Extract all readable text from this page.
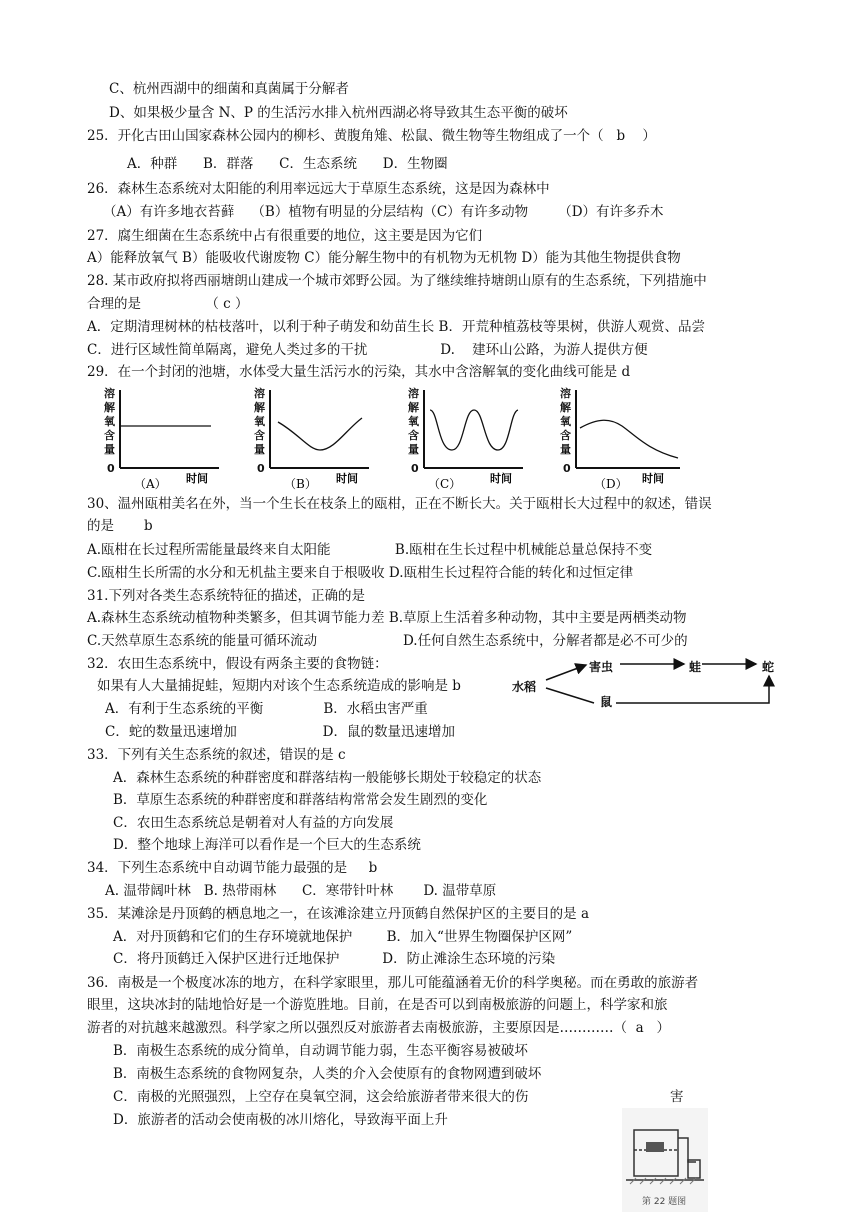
C、杭州西湖中的细菌和真菌属于分解者
D、如果极少量含 N、P 的生活污水排入杭州西湖必将导致其生态平衡的破坏
25．开化古田山国家森林公园内的柳杉、黄腹角雉、松鼠、微生物等生物组成了一个（   b    ）
A．种群      B．群落      C．生态系统      D．生物圈
26．森林生态系统对太阳能的利用率远远大于草原生态系统，这是因为森林中
（A）有许多地衣苔藓    （B）植物有明显的分层结构（C）有许多动物       （D）有许多乔木
27．腐生细菌在生态系统中占有很重要的地位，这主要是因为它们
A）能释放氧气 B）能吸收代谢废物 C）能分解生物中的有机物为无机物 D）能为其他生物提供食物
28. 某市政府拟将西丽塘朗山建成一个城市郊野公园。为了继续维持塘朗山原有的生态系统，下列措施中
合理的是               （ c ）
A．定期清理树林的枯枝落叶，以利于种子萌发和幼苗生长 B．开荒种植荔枝等果树，供游人观赏、品尝
C．进行区域性简单隔离，避免人类过多的干扰                 D.    建环山公路，为游人提供方便
29．在一个封闭的池塘，水体受大量生活污水的污染，其水中含溶解氧的变化曲线可能是 d
溶
解
氧
含
量
0
时间
（A）
溶
解
氧
含
量
0
时间
（B）
溶
解
氧
含
量
0
时间
（C）
溶
解
氧
含
量
0
时间
（D）
30、温州瓯柑美名在外，当一个生长在枝条上的瓯柑，正在不断长大。关于瓯柑长大过程中的叙述，错误
的是       b
A.瓯柑在长过程所需能量最终来自太阳能               B.瓯柑在生长过程中机械能总量总保持不变
C.瓯柑生长所需的水分和无机盐主要来自于根吸收 D.瓯柑生长过程符合能的转化和过恒定律
31.下列对各类生态系统特征的描述，正确的是
A.森林生态系统动植物种类繁多，但其调节能力差 B.草原上生活着多种动物，其中主要是两栖类动物
C.天然草原生态系统的能量可循环流动                    D.任何自然生态系统中，分解者都是必不可少的
32．农田生态系统中，假设有两条主要的食物链：
如果有人大量捕捉蛙，短期内对该个生态系统造成的影响是 b
A．有利于生态系统的平衡              B．水稻虫害严重
C．蛇的数量迅速增加                    D．鼠的数量迅速增加
水稻
害虫	蛙	蛇
鼠
33．下列有关生态系统的叙述，错误的是 c
A．森林生态系统的种群密度和群落结构一般能够长期处于较稳定的状态
B．草原生态系统的种群密度和群落结构常常会发生剧烈的变化
C．农田生态系统总是朝着对人有益的方向发展
D．整个地球上海洋可以看作是一个巨大的生态系统
34．下列生态系统中自动调节能力最强的是     b
A. 温带阔叶林   B. 热带雨林      C．寒带针叶林       D. 温带草原
35．某滩涂是丹顶鹤的栖息地之一，在该滩涂建立丹顶鹤自然保护区的主要目的是 a
A．对丹顶鹤和它们的生存环境就地保护        B．加入“世界生物圈保护区网”
C．将丹顶鹤迁入保护区进行迁地保护          D．防止滩涂生态环境的污染
36．南极是一个极度冰冻的地方，在科学家眼里，那儿可能蕴涵着无价的科学奥秘。而在勇敢的旅游者
眼里，这块冰封的陆地恰好是一个游览胜地。目前，在是否可以到南极旅游的问题上，科学家和旅
游者的对抗越来越激烈。科学家之所以强烈反对旅游者去南极旅游，主要原因是…………（  a   ）
B．南极生态系统的成分简单，自动调节能力弱，生态平衡容易被破坏
B．南极生态系统的食物网复杂，人类的介入会使原有的食物网遭到破坏
C．南极的光照强烈，上空存在臭氧空洞，这会给旅游者带来很大的伤                                 害
D．旅游者的活动会使南极的冰川熔化，导致海平面上升
第 22 题图
